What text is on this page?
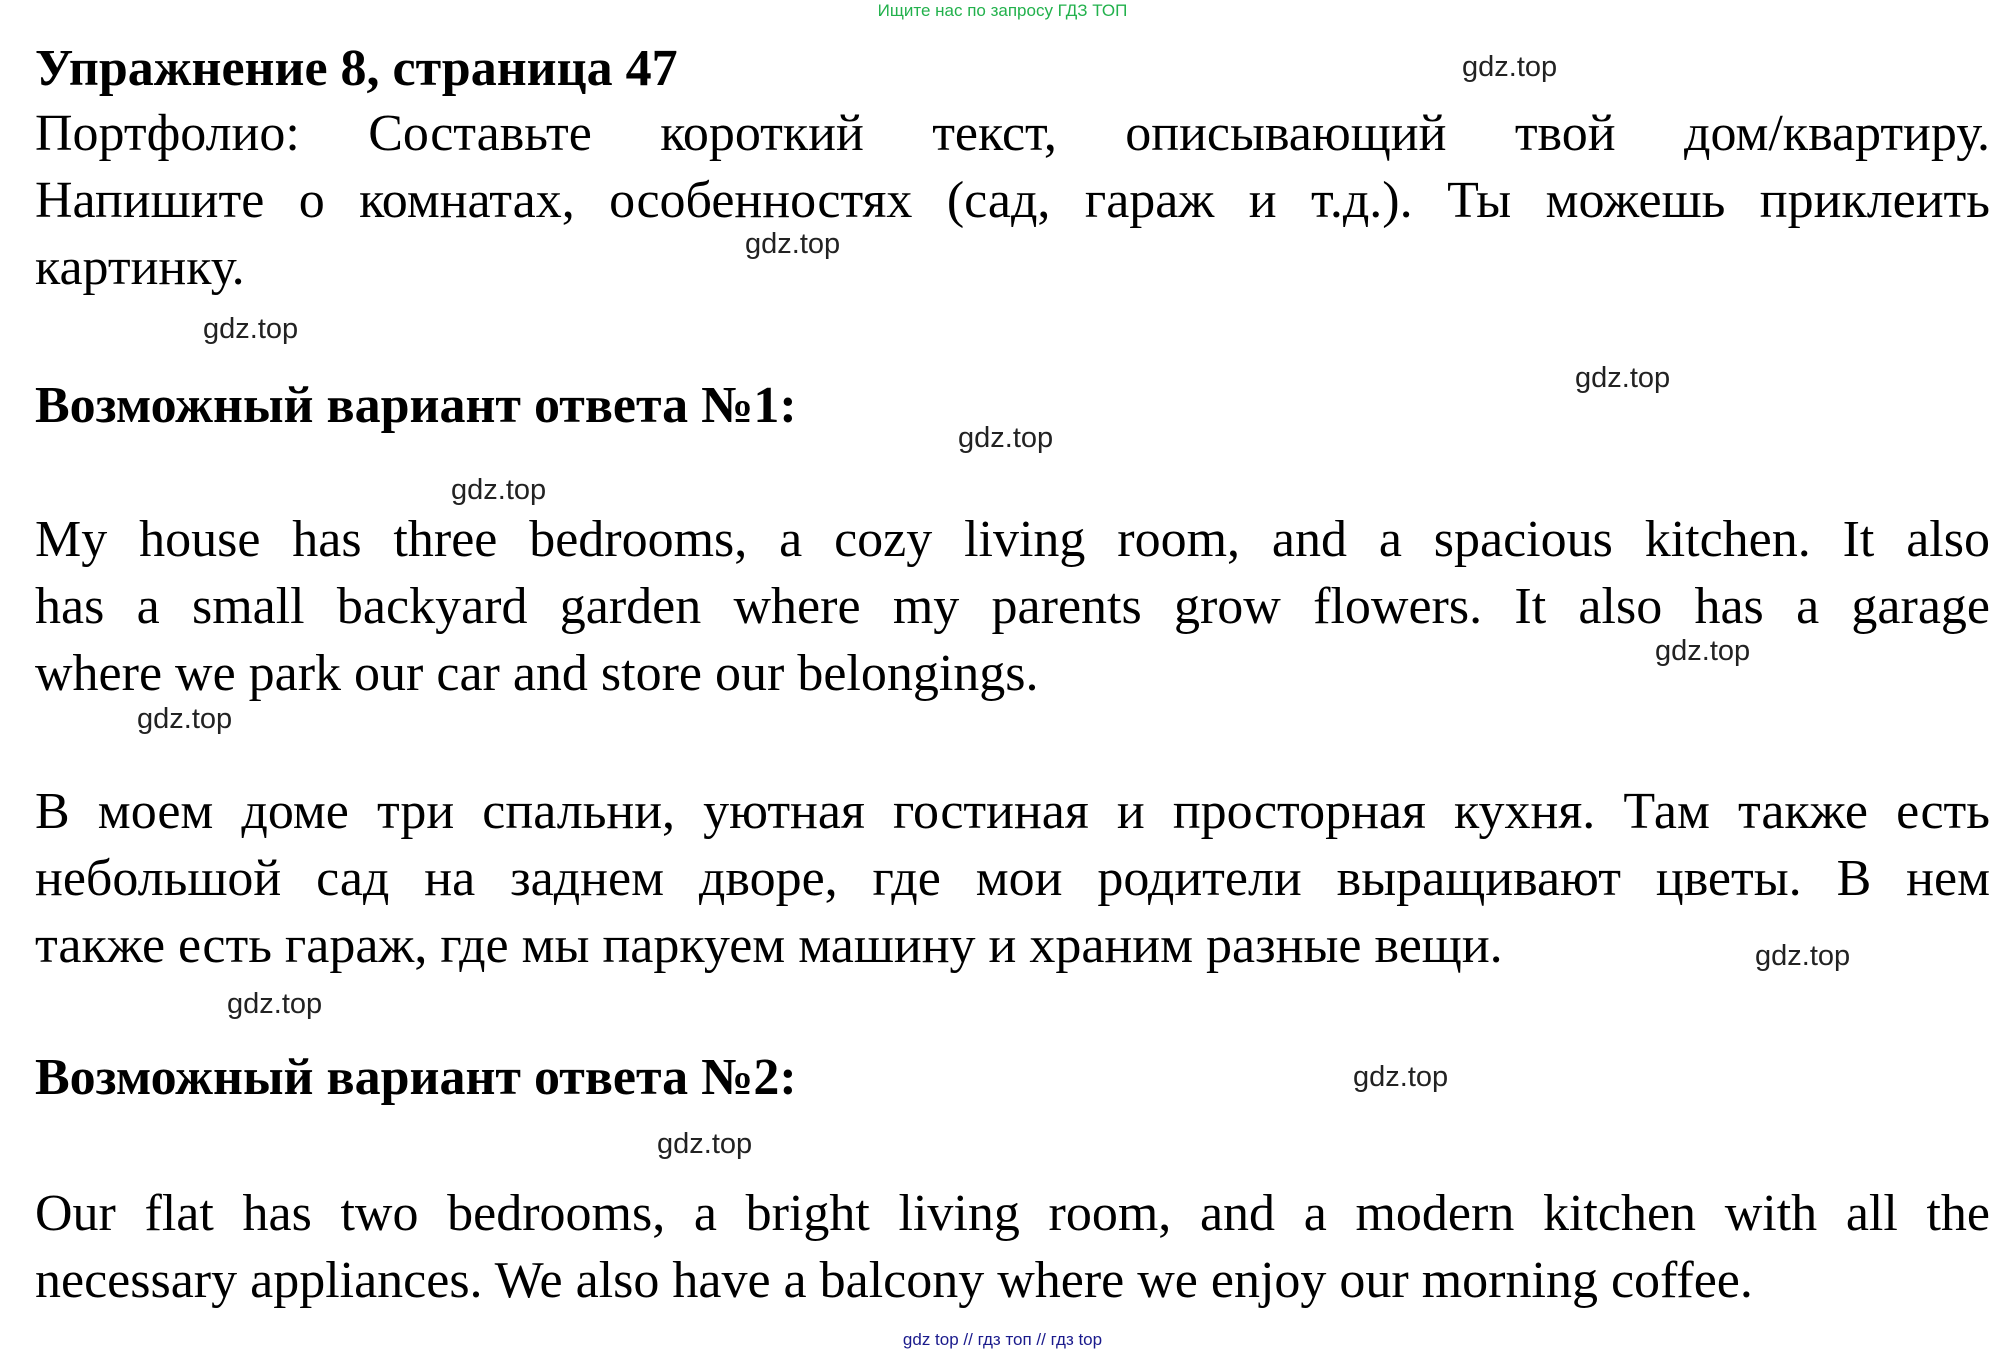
Ищите нас по запросу ГДЗ ТОП
Упражнение 8, страница 47
Портфолио: Составьте короткий текст, описывающий твой дом/квартиру.
Напишите о комнатах, особенностях (сад, гараж и т.д.). Ты можешь приклеить
картинку.
Возможный вариант ответа №1:
My house has three bedrooms, a cozy living room, and a spacious kitchen. It also
has a small backyard garden where my parents grow flowers. It also has a garage
where we park our car and store our belongings.
В моем доме три спальни, уютная гостиная и просторная кухня. Там также есть
небольшой сад на заднем дворе, где мои родители выращивают цветы. В нем
также есть гараж, где мы паркуем машину и храним разные вещи.
Возможный вариант ответа №2:
Our flat has two bedrooms, a bright living room, and a modern kitchen with all the
necessary appliances. We also have a balcony where we enjoy our morning coffee.
gdz.top
gdz.top
gdz.top
gdz.top
gdz.top
gdz.top
gdz.top
gdz.top
gdz.top
gdz.top
gdz.top
gdz.top
gdz top // гдз топ // гдз top
